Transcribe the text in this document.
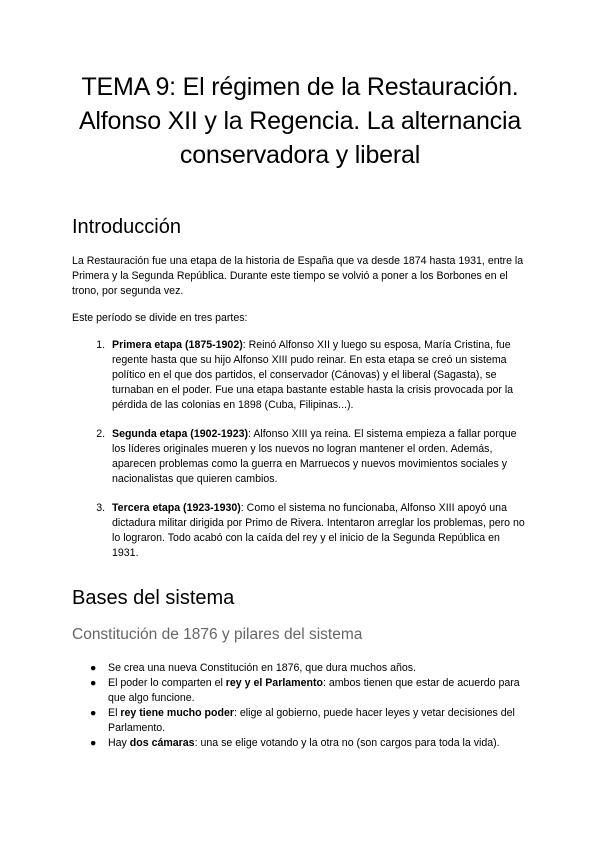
TEMA 9: El régimen de la Restauración. Alfonso XII y la Regencia. La alternancia conservadora y liberal
Introducción

La Restauración fue una etapa de la historia de España que va desde 1874 hasta 1931, entre la Primera y la Segunda República. Durante este tiempo se volvió a poner a los Borbones en el trono, por segunda vez.

Este período se divide en tres partes:

1. Primera etapa (1875-1902): Reinó Alfonso XII y luego su esposa, María Cristina, fue regente hasta que su hijo Alfonso XIII pudo reinar. En esta etapa se creó un sistema político en el que dos partidos, el conservador (Cánovas) y el liberal (Sagasta), se turnaban en el poder. Fue una etapa bastante estable hasta la crisis provocada por la pérdida de las colonias en 1898 (Cuba, Filipinas...).
2. Segunda etapa (1902-1923): Alfonso XIII ya reina. El sistema empieza a fallar porque los líderes originales mueren y los nuevos no logran mantener el orden. Además, aparecen problemas como la guerra en Marruecos y nuevos movimientos sociales y nacionalistas que quieren cambios.
3. Tercera etapa (1923-1930): Como el sistema no funcionaba, Alfonso XIII apoyó una dictadura militar dirigida por Primo de Rivera. Intentaron arreglar los problemas, pero no lo lograron. Todo acabó con la caída del rey y el inicio de la Segunda República en 1931.
Bases del sistema
Constitución de 1876 y pilares del sistema
● Se crea una nueva Constitución en 1876, que dura muchos años.
● El poder lo comparten el rey y el Parlamento: ambos tienen que estar de acuerdo para que algo funcione.
● El rey tiene mucho poder: elige al gobierno, puede hacer leyes y vetar decisiones del Parlamento.
● Hay dos cámaras: una se elige votando y la otra no (son cargos para toda la vida).
